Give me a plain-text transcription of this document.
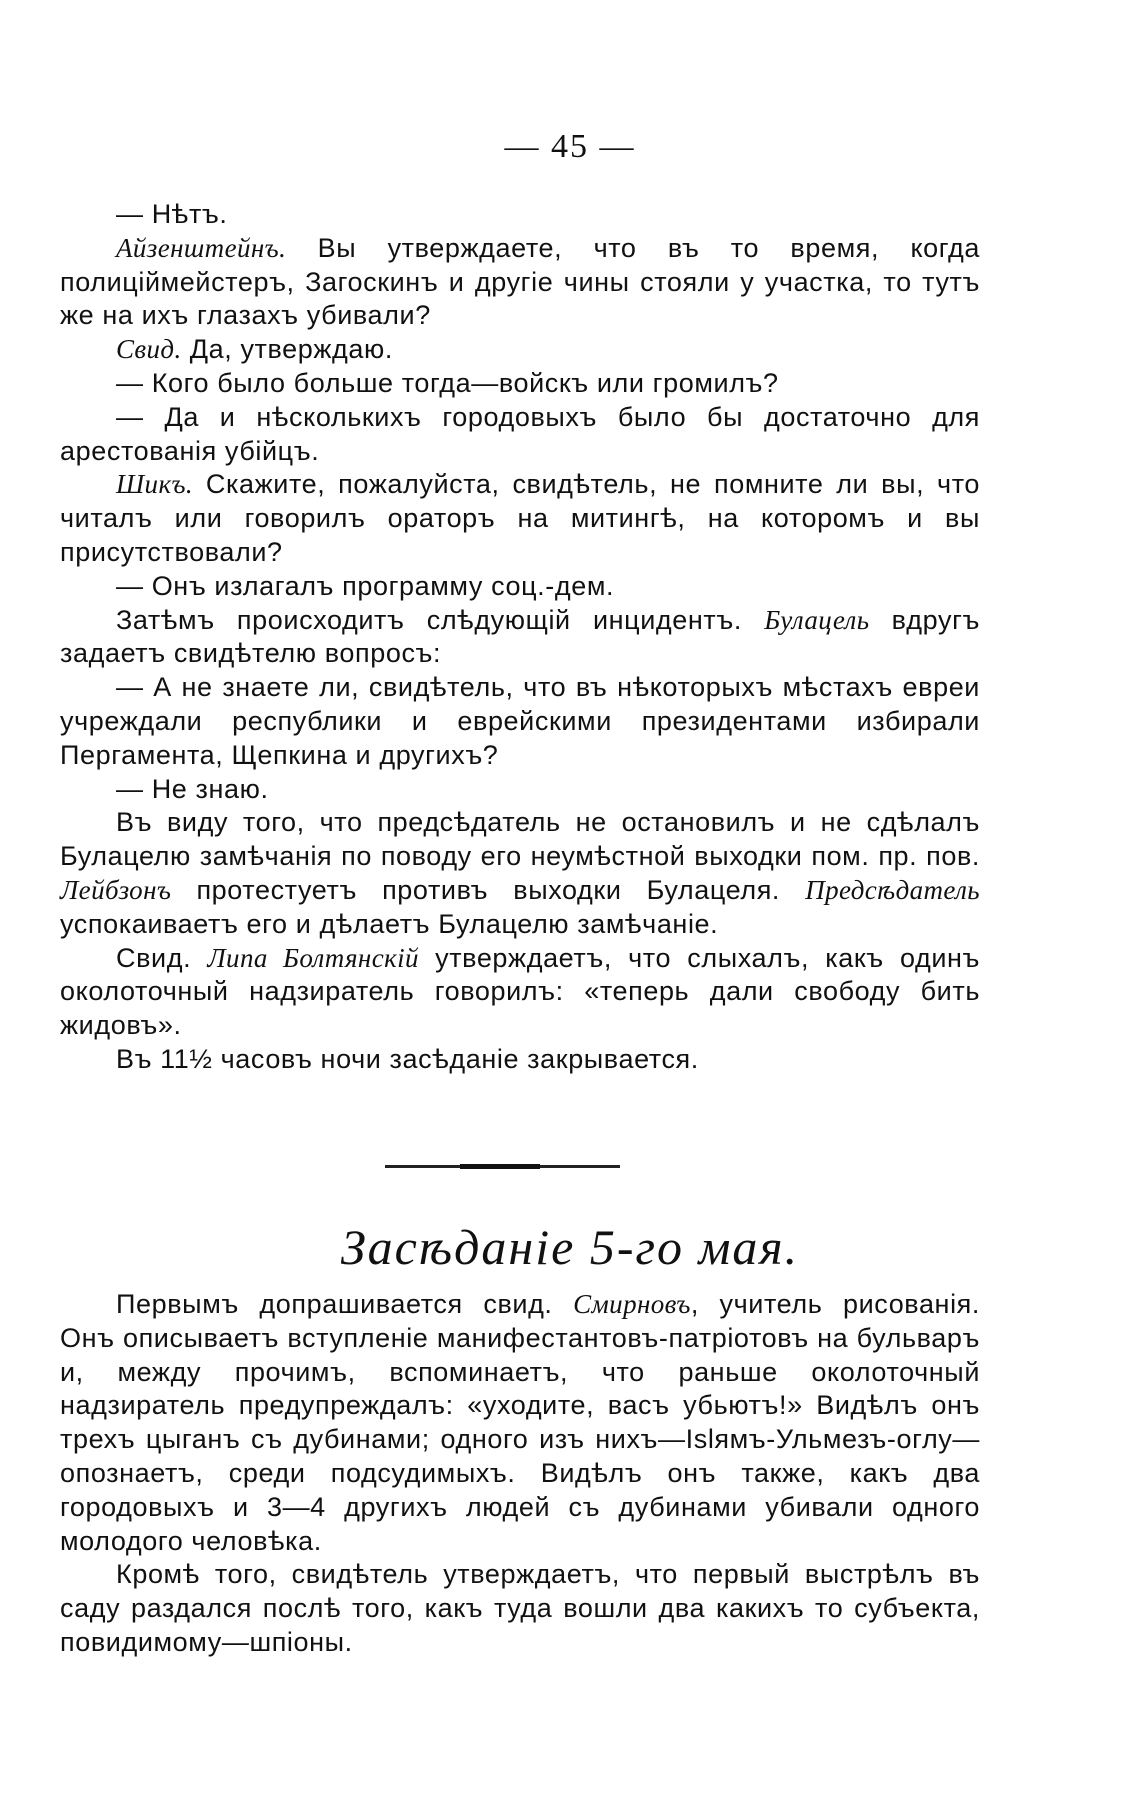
— 45 —

— Нѣтъ.

Айзенштейнъ. Вы утверждаете, что въ то время, когда полиціймейстеръ, Загоскинъ и другіе чины стояли у участка, то тутъ же на ихъ глазахъ убивали?

Свид. Да, утверждаю.

— Кого было больше тогда—войскъ или громилъ?

— Да и нѣсколькихъ городовыхъ было бы достаточно для арестованія убійцъ.

Шикъ. Скажите, пожалуйста, свидѣтель, не помните ли вы, что читалъ или говорилъ ораторъ на митингѣ, на которомъ и вы присутствовали?

— Онъ излагалъ программу соц.-дем.

Затѣмъ происходитъ слѣдующій инцидентъ. Булацель вдругъ задаетъ свидѣтелю вопросъ:

— А не знаете ли, свидѣтель, что въ нѣкоторыхъ мѣстахъ евреи учреждали республики и еврейскими президентами избирали Пергамента, Щепкина и другихъ?

— Не знаю.

Въ виду того, что предсѣдатель не остановилъ и не сдѣлалъ Булацелю замѣчанія по поводу его неумѣстной выходки пом. пр. пов. Лейбзонъ протестуетъ противъ выходки Булацеля. Предсѣдатель успокаиваетъ его и дѣлаетъ Булацелю замѣчаніе.

Свид. Липа Болтянскій утверждаетъ, что слыхалъ, какъ одинъ околоточный надзиратель говорилъ: «теперь дали свободу бить жидовъ».

Въ 11½ часовъ ночи засѣданіе закрывается.

Засѣданіе 5-го мая.

Первымъ допрашивается свид. Смирновъ, учитель рисованія. Онъ описываетъ вступленіе манифестантовъ-патріотовъ на бульваръ и, между прочимъ, вспоминаетъ, что раньше околоточный надзиратель предупреждалъ: «уходите, васъ убьютъ!» Видѣлъ онъ трехъ цыганъ съ дубинами; одного изъ нихъ—Islямъ-Ульмезъ-оглу—опознаетъ, среди подсудимыхъ. Видѣлъ онъ также, какъ два городовыхъ и 3—4 другихъ людей съ дубинами убивали одного молодого человѣка.

Кромѣ того, свидѣтель утверждаетъ, что первый выстрѣлъ въ саду раздался послѣ того, какъ туда вошли два какихъ то субъекта, повидимому—шпіоны.
